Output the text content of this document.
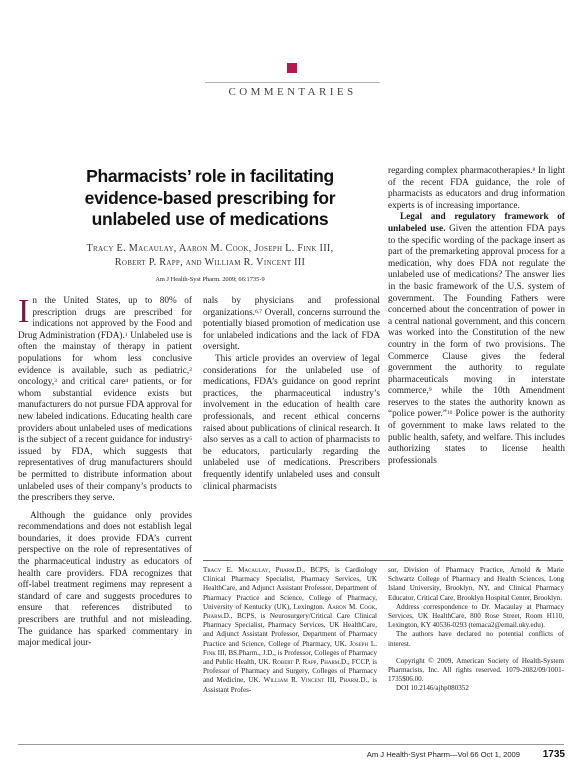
COMMENTARIES
Pharmacists’ role in facilitating evidence-based prescribing for unlabeled use of medications
Tracy E. Macaulay, Aaron M. Cook, Joseph L. Fink III,
Robert P. Rapp, and William R. Vincent III
Am J Health-Syst Pharm. 2009; 66:1735-9

In the United States, up to 80% of prescription drugs are prescribed for indications not approved by the Food and Drug Administration (FDA).$^1$ Unlabeled use is often the mainstay of therapy in patient populations for whom less conclusive evidence is available, such as pediatric,$^2$ oncology,$^3$ and critical care$^4$ patients, or for whom substantial evidence exists but manufacturers do not pursue FDA approval for new labeled indications. Educating health care providers about unlabeled uses of medications is the subject of a recent guidance for industry$^5$ issued by FDA, which suggests that representatives of drug manufacturers should be permitted to distribute information about unlabeled uses of their company’s products to the prescribers they serve.

Although the guidance only provides recommendations and does not establish legal boundaries, it does provide FDA’s current perspective on the role of representatives of the pharmaceutical industry as educators of health care providers. FDA recognizes that off-label treatment regimens may represent a standard of care and suggests procedures to ensure that references distributed to prescribers are truthful and not misleading. The guidance has sparked commentary in major medical jour-

nals by physicians and professional organizations.$^{6,7}$ Overall, concerns surround the potentially biased promotion of medication use for unlabeled indications and the lack of FDA oversight.

This article provides an overview of legal considerations for the unlabeled use of medications, FDA’s guidance on good reprint practices, the pharmaceutical industry’s involvement in the education of health care professionals, and recent ethical concerns raised about publications of clinical research. It also serves as a call to action of pharmacists to be educators, particularly regarding the unlabeled use of medications. Prescribers frequently identify unlabeled uses and consult clinical pharmacists

regarding complex pharmacotherapies.$^8$ In light of the recent FDA guidance, the role of pharmacists as educators and drug information experts is of increasing importance.

Legal and regulatory framework of unlabeled use. Given the attention FDA pays to the specific wording of the package insert as part of the premarketing approval process for a medication, why does FDA not regulate the unlabeled use of medications? The answer lies in the basic framework of the U.S. system of government. The Founding Fathers were concerned about the concentration of power in a central national government, and this concern was worked into the Constitution of the new country in the form of two provisions. The Commerce Clause gives the federal government the authority to regulate pharmaceuticals moving in interstate commerce,$^9$ while the 10th Amendment reserves to the states the authority known as “police power.”$^{10}$ Police power is the authority of government to make laws related to the public health, safety, and welfare. This includes authorizing states to license health professionals

Tracy E. Macaulay, Pharm.D., BCPS, is Cardiology Clinical Pharmacy Specialist, Pharmacy Services, UK HealthCare, and Adjunct Assistant Professor, Department of Pharmacy Practice and Science, College of Pharmacy, University of Kentucky (UK), Lexington. Aaron M. Cook, Pharm.D., BCPS, is Neurosurgery/Critical Care Clinical Pharmacy Specialist, Pharmacy Services, UK HealthCare, and Adjunct Assistant Professor, Department of Pharmacy Practice and Science, College of Pharmacy, UK. Joseph L. Fink III, BS.Pharm., J.D., is Professor, Colleges of Pharmacy and Public Health, UK. Robert P. Rapp, Pharm.D., FCCP, is Professor of Pharmacy and Surgery, Colleges of Pharmacy and Medicine, UK. William R. Vincent III, Pharm.D., is Assistant Profes-

sor, Division of Pharmacy Practice, Arnold & Marie Schwartz College of Pharmacy and Health Sciences, Long Island University, Brooklyn, NY, and Clinical Pharmacy Educator, Critical Care, Brooklyn Hospital Center, Brooklyn.

Address correspondence to Dr. Macaulay at Pharmacy Services, UK HealthCare, 800 Rose Street, Room H110, Lexington, KY 40536-0293 (temaca2@email.uky.edu).

The authors have declared no potential conflicts of interest.

Copyright © 2009, American Society of Health-System Pharmacists, Inc. All rights reserved. 1079-2082/09/1001-1735$06.00.

DOI 10.2146/ajhp080352

Am J Health-Syst Pharm—Vol 66 Oct 1, 2009	1735
